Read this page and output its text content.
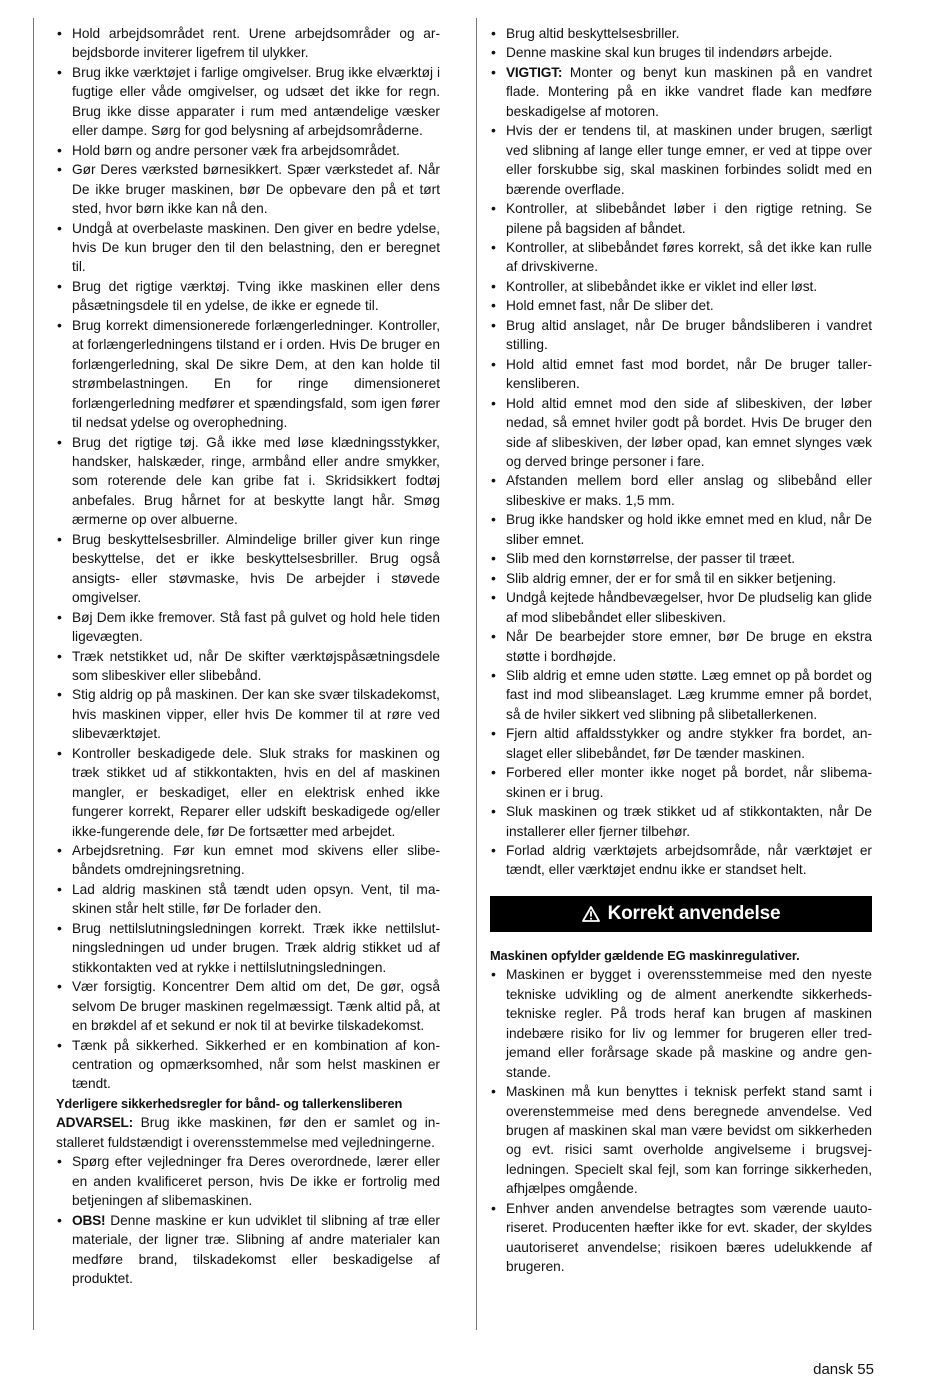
• Hold arbejdsområdet rent. Urene arbejdsområder og arbejdsborde inviterer ligefrem til ulykker.
• Brug ikke værktøjet i farlige omgivelser. Brug ikke elværktøj i fugtige eller våde omgivelser, og udsæt det ikke for regn. Brug ikke disse apparater i rum med antændelige væsker eller dampe. Sørg for god belysning af arbejdsområderne.
• Hold børn og andre personer væk fra arbejdsområdet.
• Gør Deres værksted børnesikkert. Spær værkstedet af. Når De ikke bruger maskinen, bør De opbevare den på et tørt sted, hvor børn ikke kan nå den.
• Undgå at overbelaste maskinen. Den giver en bedre ydelse, hvis De kun bruger den til den belastning, den er beregnet til.
• Brug det rigtige værktøj. Tving ikke maskinen eller dens påsætningsdele til en ydelse, de ikke er egnede til.
• Brug korrekt dimensionerede forlængerledninger. Kontroller, at forlængerledningens tilstand er i orden. Hvis De bruger en forlængerledning, skal De sikre Dem, at den kan holde til strømbelastningen. En for ringe dimensioneret forlængerledning medfører et spændingsfald, som igen fører til nedsat ydelse og overophedning.
• Brug det rigtige tøj. Gå ikke med løse klædningsstykker, handsker, halskæder, ringe, armbånd eller andre smykker, som roterende dele kan gribe fat i. Skridsikkert fodtøj anbefales. Brug hårnet for at beskytte langt hår. Smøg ærmerne op over albuerne.
• Brug beskyttelsesbriller. Almindelige briller giver kun ringe beskyttelse, det er ikke beskyttelsesbriller. Brug også ansigts- eller støvmaske, hvis De arbejder i støvede omgivelser.
• Bøj Dem ikke fremover. Stå fast på gulvet og hold hele tiden ligevægten.
• Træk netstikket ud, når De skifter værktøjspåsætningsdele som slibeskiver eller slibebånd.
• Stig aldrig op på maskinen. Der kan ske svær tilskadekomst, hvis maskinen vipper, eller hvis De kommer til at røre ved slibeværktøjet.
• Kontroller beskadigede dele. Sluk straks for maskinen og træk stikket ud af stikkontakten, hvis en del af maskinen mangler, er beskadiget, eller en elektrisk enhed ikke fungerer korrekt, Reparer eller udskift beskadigede og/eller ikke-fungerende dele, før De fortsætter med arbejdet.
• Arbejdsretning. Før kun emnet mod skivens eller slibebåndets omdrejningsretning.
• Lad aldrig maskinen stå tændt uden opsyn. Vent, til maskinen står helt stille, før De forlader den.
• Brug nettilslutningsledningen korrekt. Træk ikke nettilslutningsledningen ud under brugen. Træk aldrig stikket ud af stikkontakten ved at rykke i nettilslutningsledningen.
• Vær forsigtig. Koncentrer Dem altid om det, De gør, også selvom De bruger maskinen regelmæssigt. Tænk altid på, at en brøkdel af et sekund er nok til at bevirke tilskadekomst.
• Tænk på sikkerhed. Sikkerhed er en kombination af koncentration og opmærksomhed, når som helst maskinen er tændt.

Yderligere sikkerhedsregler for bånd- og tallerkensliberen

ADVARSEL: Brug ikke maskinen, før den er samlet og installeret fuldstændigt i overensstemmelse med vejledningerne.

• Spørg efter vejledninger fra Deres overordnede, lærer eller en anden kvalificeret person, hvis De ikke er fortrolig med betjeningen af slibemaskinen.
• OBS! Denne maskine er kun udviklet til slibning af træ eller materiale, der ligner træ. Slibning af andre materialer kan medføre brand, tilskadekomst eller beskadigelse af produktet.
• Brug altid beskyttelsesbriller.
• Denne maskine skal kun bruges til indendørs arbejde.
• VIGTIGT: Monter og benyt kun maskinen på en vandret flade. Montering på en ikke vandret flade kan medføre beskadigelse af motoren.
• Hvis der er tendens til, at maskinen under brugen, særligt ved slibning af lange eller tunge emner, er ved at tippe over eller forskubbe sig, skal maskinen forbindes solidt med en bærende overflade.
• Kontroller, at slibebåndet løber i den rigtige retning. Se pilene på bagsiden af båndet.
• Kontroller, at slibebåndet føres korrekt, så det ikke kan rulle af drivskiverne.
• Kontroller, at slibebåndet ikke er viklet ind eller løst.
• Hold emnet fast, når De sliber det.
• Brug altid anslaget, når De bruger båndsliberen i vandret stilling.
• Hold altid emnet fast mod bordet, når De bruger tallerkensliberen.
• Hold altid emnet mod den side af slibeskiven, der løber nedad, så emnet hviler godt på bordet. Hvis De bruger den side af slibeskiven, der løber opad, kan emnet slynges væk og derved bringe personer i fare.
• Afstanden mellem bord eller anslag og slibebånd eller slibeskive er maks. 1,5 mm.
• Brug ikke handsker og hold ikke emnet med en klud, når De sliber emnet.
• Slib med den kornstørrelse, der passer til træet.
• Slib aldrig emner, der er for små til en sikker betjening.
• Undgå kejtede håndbevægelser, hvor De pludselig kan glide af mod slibebåndet eller slibeskiven.
• Når De bearbejder store emner, bør De bruge en ekstra støtte i bordhøjde.
• Slib aldrig et emne uden støtte. Læg emnet op på bordet og fast ind mod slibeanslaget. Læg krumme emner på bordet, så de hviler sikkert ved slibning på slibetallerkenen.
• Fjern altid affaldsstykker og andre stykker fra bordet, anslaget eller slibebåndet, før De tænder maskinen.
• Forbered eller monter ikke noget på bordet, når slibemaskinen er i brug.
• Sluk maskinen og træk stikket ud af stikkontakten, når De installerer eller fjerner tilbehør.
• Forlad aldrig værktøjets arbejdsområde, når værktøjet er tændt, eller værktøjet endnu ikke er standset helt.
Korrekt anvendelse

Maskinen opfylder gældende EG maskinregulativer.

• Maskinen er bygget i overensstemmeise med den nyeste tekniske udvikling og de alment anerkendte sikkerhedstekniske regler. På trods heraf kan brugen af maskinen indebære risiko for liv og lemmer for brugeren eller tredjemand eller forårsage skade på maskine og andre genstande.
• Maskinen må kun benyttes i teknisk perfekt stand samt i overenstemmeise med dens beregnede anvendelse. Ved brugen af maskinen skal man være bevidst om sikkerheden og evt. risici samt overholde angivelseme i brugsvejledningen. Specielt skal fejl, som kan forringe sikkerheden, afhjælpes omgående.
• Enhver anden anvendelse betragtes som værende uautoriseret. Producenten hæfter ikke for evt. skader, der skyldes uautoriseret anvendelse; risikoen bæres udelukkende af brugeren.
dansk 55
